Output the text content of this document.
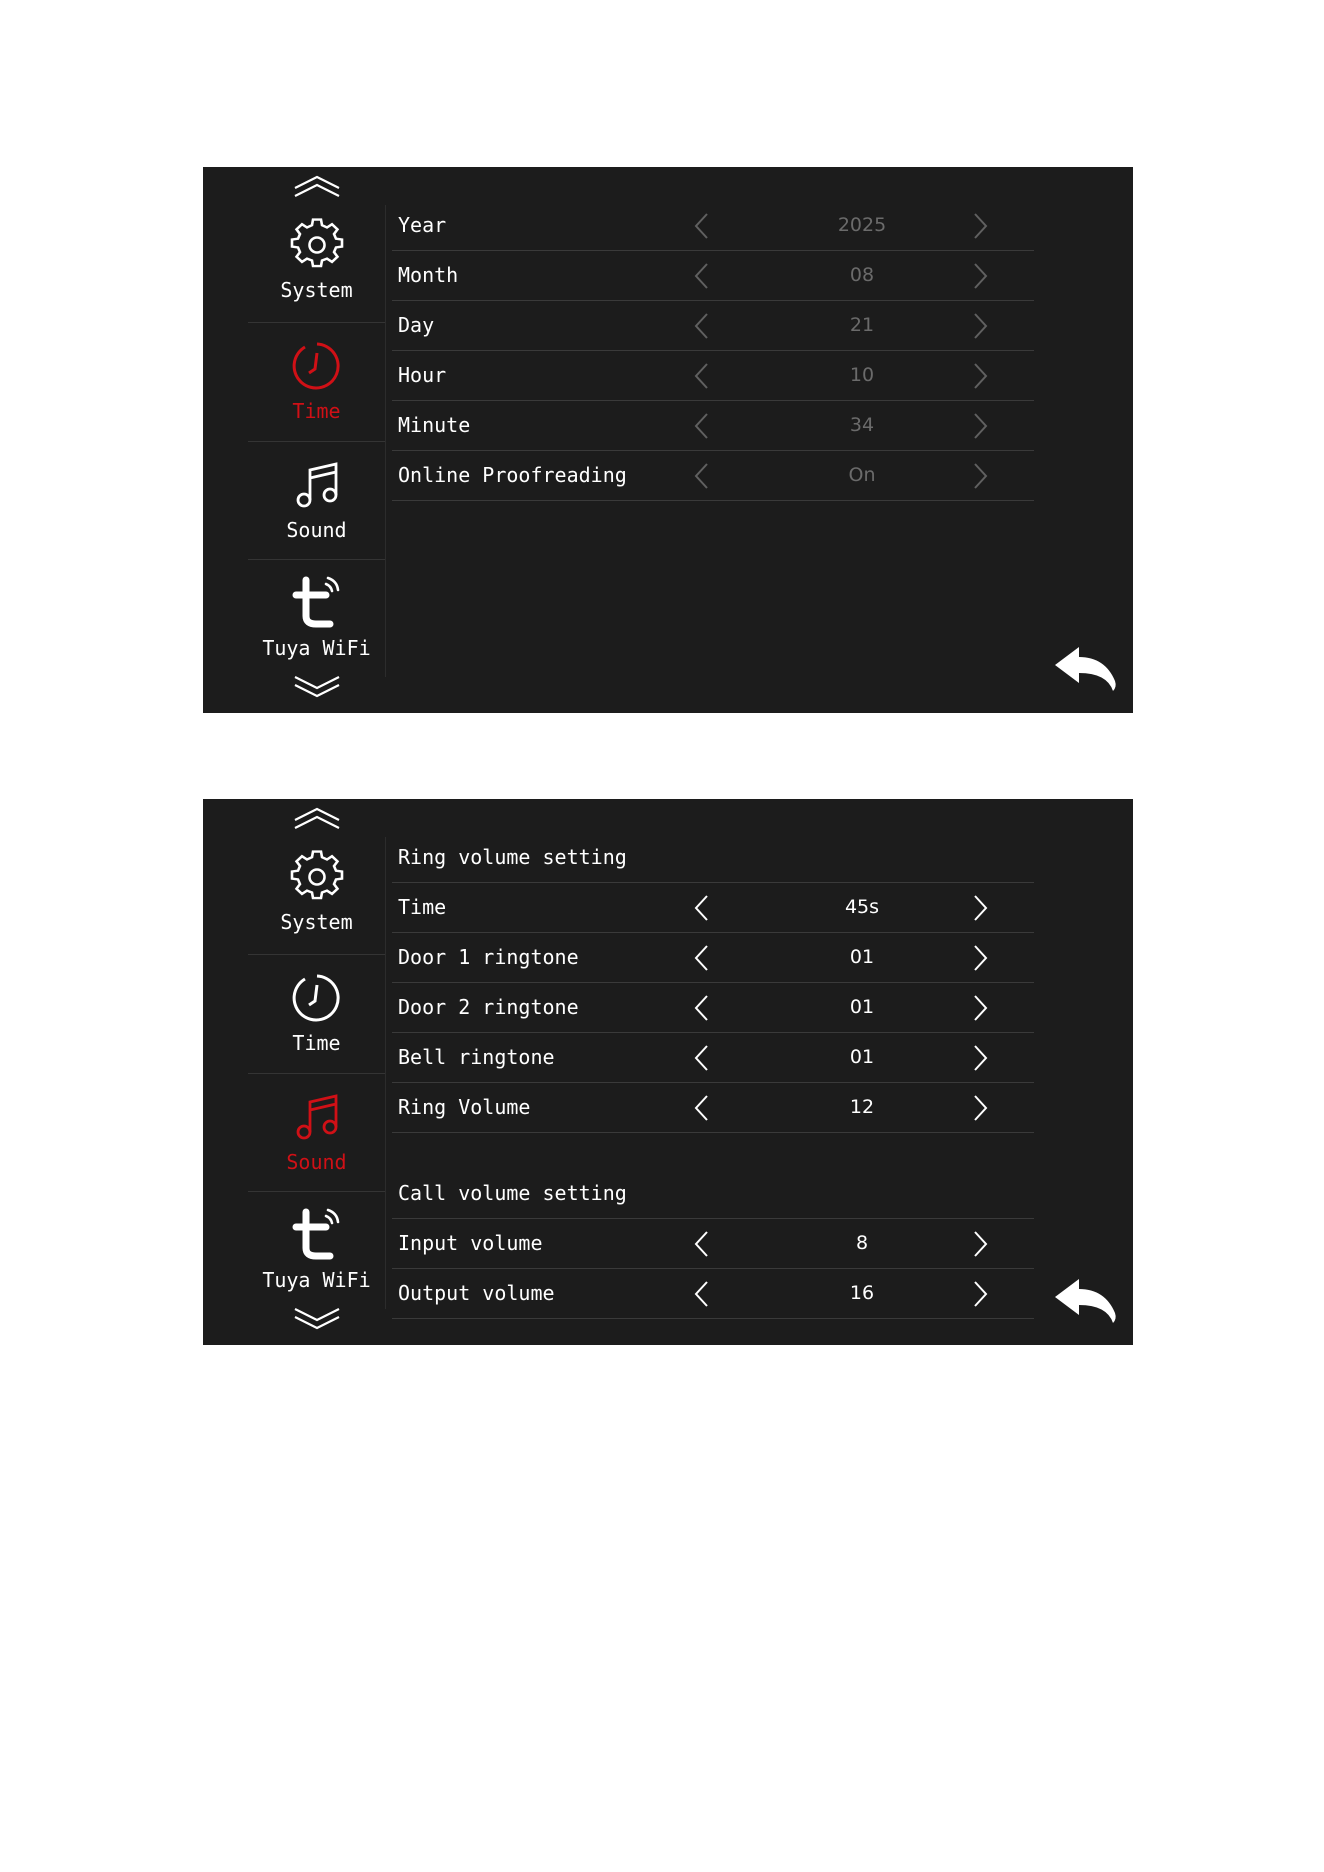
System
Time
Sound
Tuya WiFi
Year	2025
Month	08
Day	21
Hour	10
Minute	34
Online Proofreading	On
System
Time
Sound
Tuya WiFi
Ring volume setting
Time	45s
Door 1 ringtone	01
Door 2 ringtone	01
Bell ringtone	01
Ring Volume	12
Call volume setting
Input volume	8
Output volume	16
